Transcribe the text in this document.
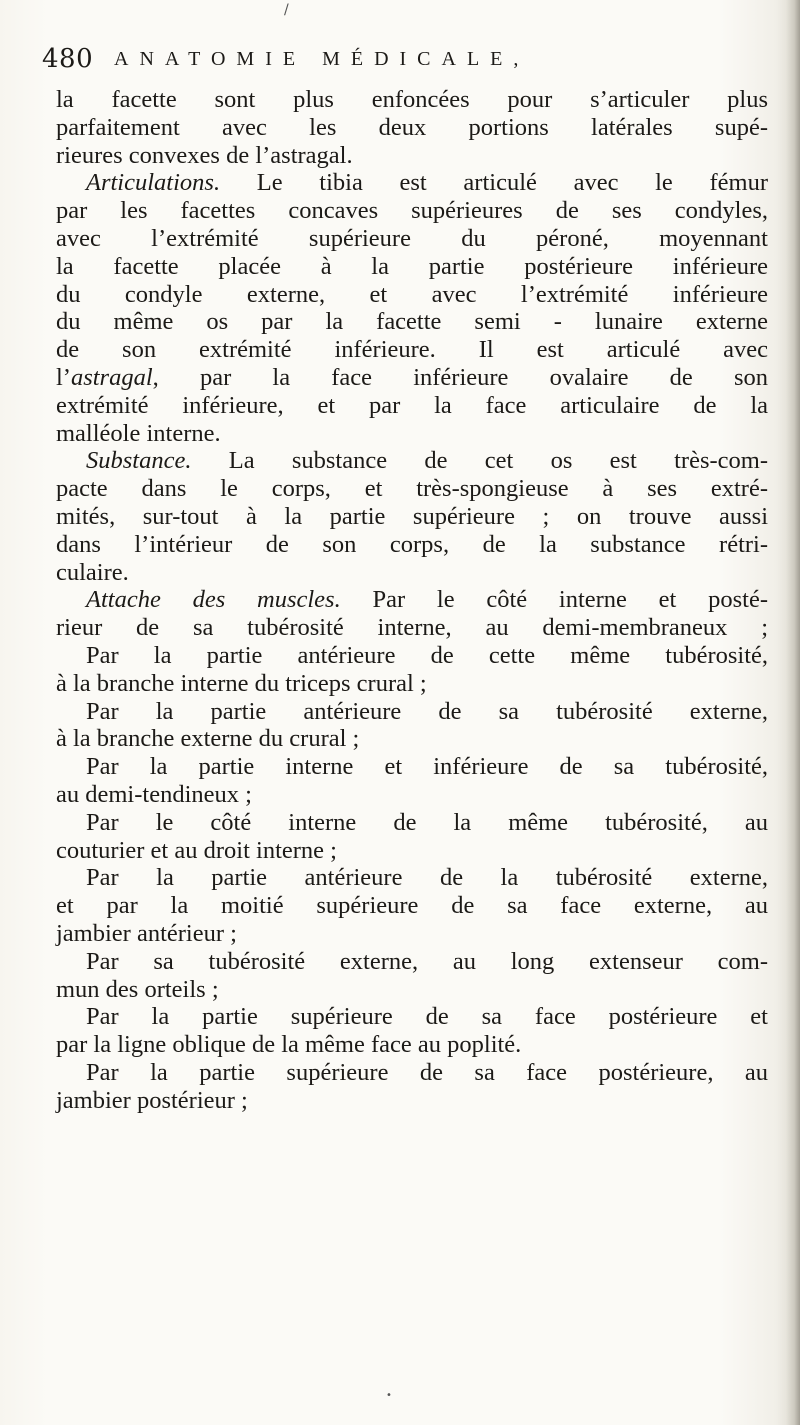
480 ANATOMIE MÉDICALE,
la facette sont plus enfoncées pour s’articuler plus
parfaitement avec les deux portions latérales supé-
rieures convexes de l’astragal.
Articulations. Le tibia est articulé avec le fémur
par les facettes concaves supérieures de ses condyles,
avec l’extrémité supérieure du péroné, moyennant
la facette placée à la partie postérieure inférieure
du condyle externe, et avec l’extrémité inférieure
du même os par la facette semi - lunaire externe
de son extrémité inférieure. Il est articulé avec
l’astragal, par la face inférieure ovalaire de son
extrémité inférieure, et par la face articulaire de la
malléole interne.
Substance. La substance de cet os est très-com-
pacte dans le corps, et très-spongieuse à ses extré-
mités, sur-tout à la partie supérieure ; on trouve aussi
dans l’intérieur de son corps, de la substance rétri-
culaire.
Attache des muscles. Par le côté interne et posté-
rieur de sa tubérosité interne, au demi-membraneux ;
Par la partie antérieure de cette même tubérosité,
à la branche interne du triceps crural ;
Par la partie antérieure de sa tubérosité externe,
à la branche externe du crural ;
Par la partie interne et inférieure de sa tubérosité,
au demi-tendineux ;
Par le côté interne de la même tubérosité, au
couturier et au droit interne ;
Par la partie antérieure de la tubérosité externe,
et par la moitié supérieure de sa face externe, au
jambier antérieur ;
Par sa tubérosité externe, au long extenseur com-
mun des orteils ;
Par la partie supérieure de sa face postérieure et
par la ligne oblique de la même face au poplité.
Par la partie supérieure de sa face postérieure, au
jambier postérieur ;
/
•
